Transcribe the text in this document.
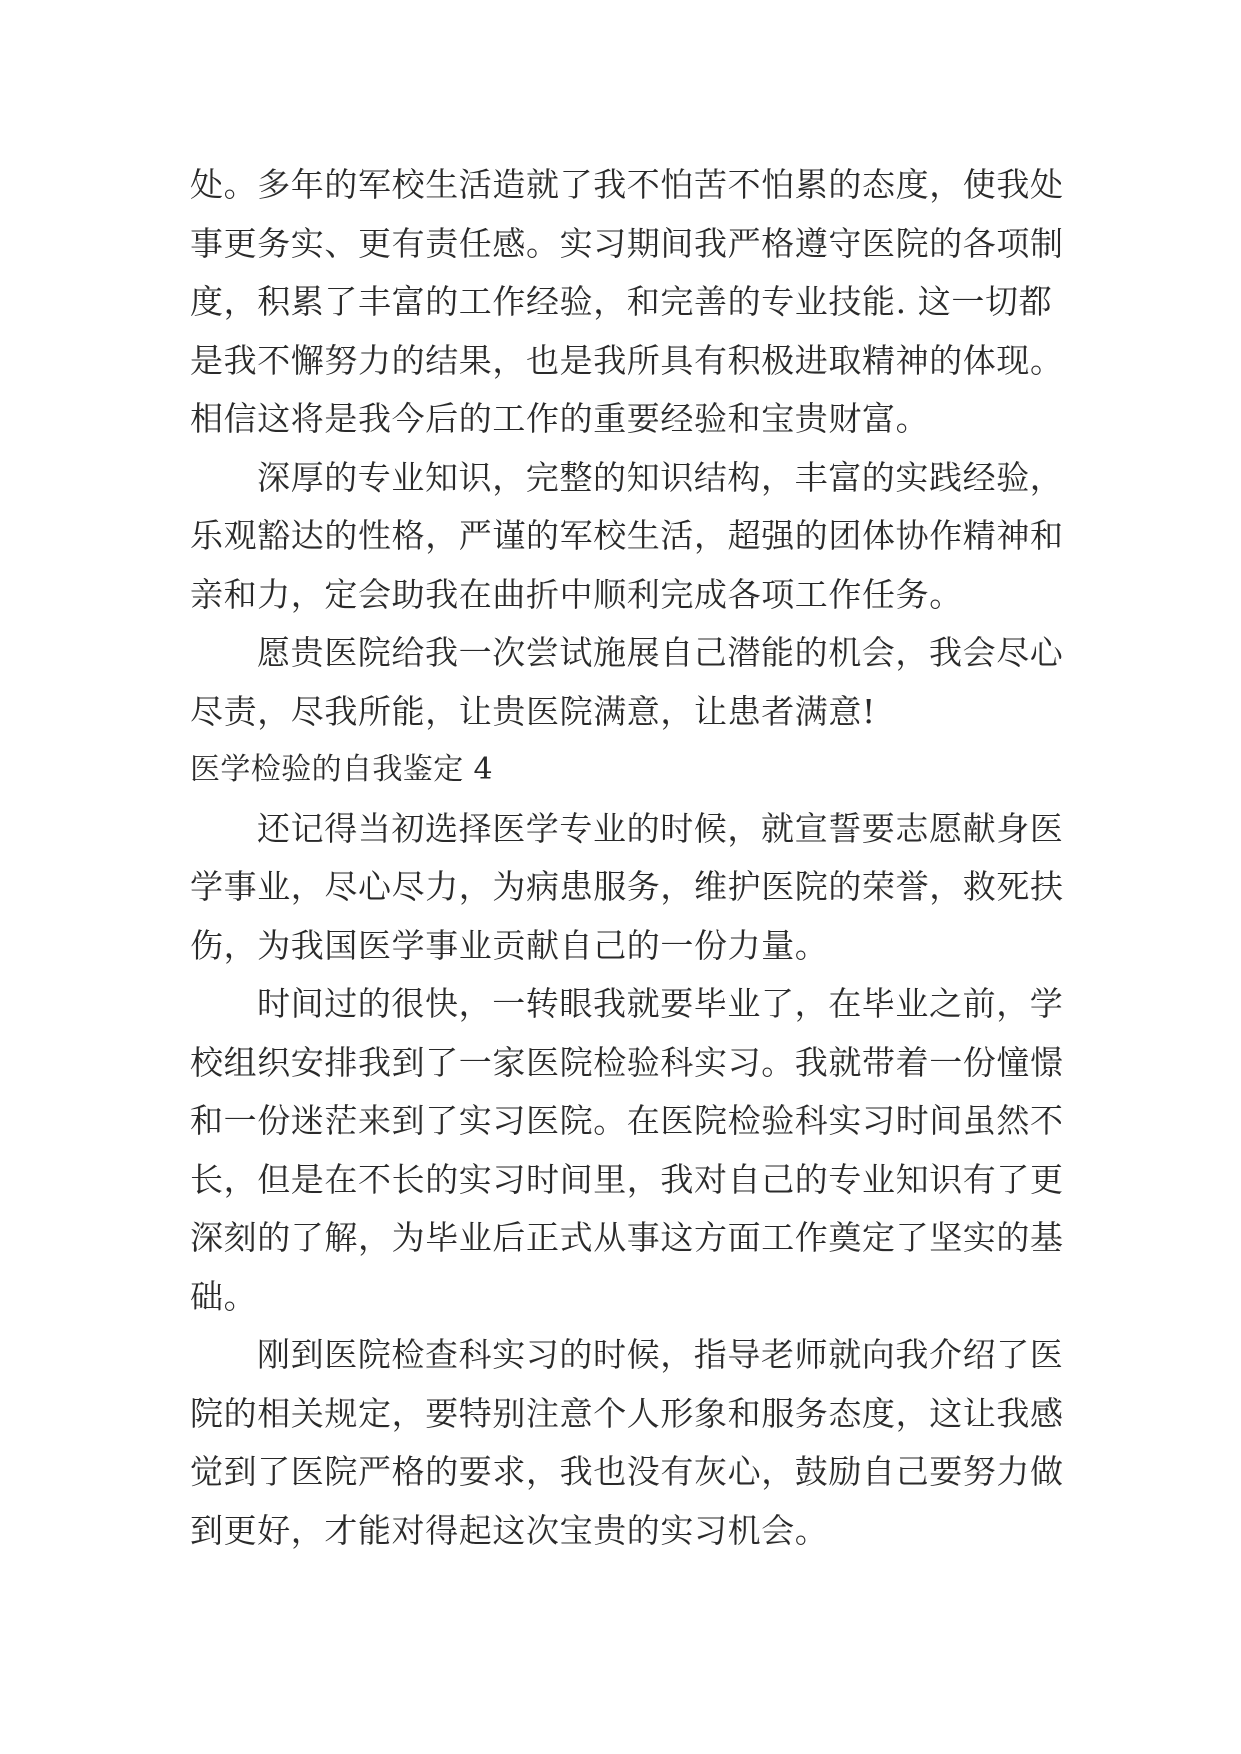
处。多年的军校生活造就了我不怕苦不怕累的态度，使我处
事更务实、更有责任感。实习期间我严格遵守医院的各项制
度，积累了丰富的工作经验，和完善的专业技能. 这一切都
是我不懈努力的结果，也是我所具有积极进取精神的体现。
相信这将是我今后的工作的重要经验和宝贵财富。
深厚的专业知识，完整的知识结构，丰富的实践经验，
乐观豁达的性格，严谨的军校生活，超强的团体协作精神和
亲和力，定会助我在曲折中顺利完成各项工作任务。
愿贵医院给我一次尝试施展自己潜能的机会，我会尽心
尽责，尽我所能，让贵医院满意，让患者满意!
医学检验的自我鉴定 4
还记得当初选择医学专业的时候，就宣誓要志愿献身医
学事业，尽心尽力，为病患服务，维护医院的荣誉，救死扶
伤，为我国医学事业贡献自己的一份力量。
时间过的很快，一转眼我就要毕业了，在毕业之前，学
校组织安排我到了一家医院检验科实习。我就带着一份憧憬
和一份迷茫来到了实习医院。在医院检验科实习时间虽然不
长，但是在不长的实习时间里，我对自己的专业知识有了更
深刻的了解，为毕业后正式从事这方面工作奠定了坚实的基
础。
刚到医院检查科实习的时候，指导老师就向我介绍了医
院的相关规定，要特别注意个人形象和服务态度，这让我感
觉到了医院严格的要求，我也没有灰心，鼓励自己要努力做
到更好，才能对得起这次宝贵的实习机会。
